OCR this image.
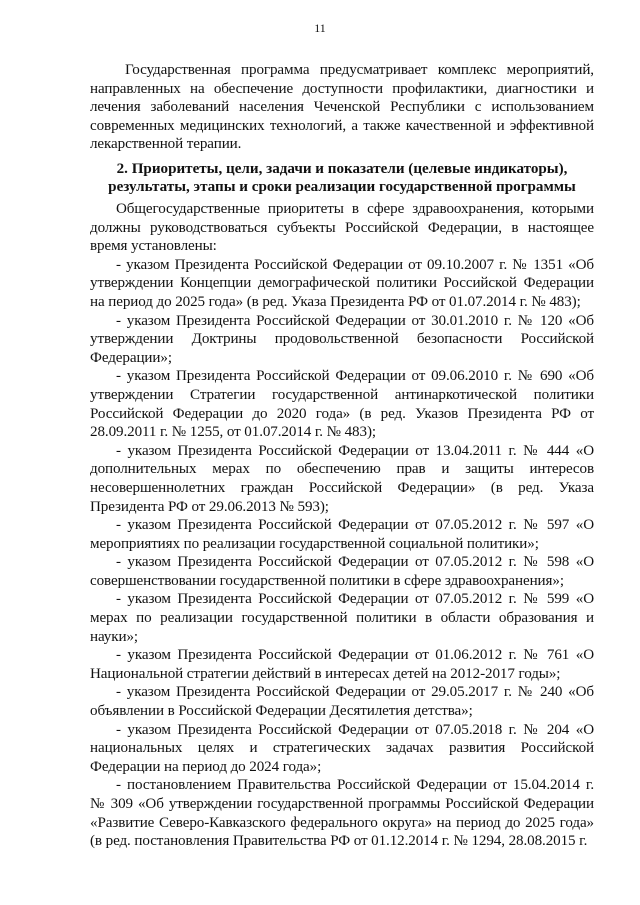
11

Государственная программа предусматривает комплекс мероприятий, направленных на обеспечение доступности профилактики, диагностики и лечения заболеваний населения Чеченской Республики с использованием современных медицинских технологий, а также качественной и эффективной лекарственной терапии.

2. Приоритеты, цели, задачи и показатели (целевые индикаторы),
результаты, этапы и сроки реализации государственной программы

Общегосударственные приоритеты в сфере здравоохранения, которыми должны руководствоваться субъекты Российской Федерации, в настоящее время установлены:

- указом Президента Российской Федерации от 09.10.2007 г. № 1351 «Об утверждении Концепции демографической политики Российской Федерации на период до 2025 года» (в ред. Указа Президента РФ от 01.07.2014 г. № 483);

- указом Президента Российской Федерации от 30.01.2010 г. № 120 «Об утверждении Доктрины продовольственной безопасности Российской Федерации»;

- указом Президента Российской Федерации от 09.06.2010 г. № 690 «Об утверждении Стратегии государственной антинаркотической политики Российской Федерации до 2020 года» (в ред. Указов Президента РФ от 28.09.2011 г. № 1255, от 01.07.2014 г. № 483);

- указом Президента Российской Федерации от 13.04.2011 г. № 444 «О дополнительных мерах по обеспечению прав и защиты интересов несовершеннолетних граждан Российской Федерации» (в ред. Указа Президента РФ от 29.06.2013 № 593);

- указом Президента Российской Федерации от 07.05.2012 г. № 597 «О мероприятиях по реализации государственной социальной политики»;

- указом Президента Российской Федерации от 07.05.2012 г. № 598 «О совершенствовании государственной политики в сфере здравоохранения»;

- указом Президента Российской Федерации от 07.05.2012 г. № 599 «О мерах по реализации государственной политики в области образования и науки»;

- указом Президента Российской Федерации от 01.06.2012 г. № 761 «О Национальной стратегии действий в интересах детей на 2012-2017 годы»;

- указом Президента Российской Федерации от 29.05.2017 г. № 240 «Об объявлении в Российской Федерации Десятилетия детства»;

- указом Президента Российской Федерации от 07.05.2018 г. № 204 «О национальных целях и стратегических задачах развития Российской Федерации на период до 2024 года»;

- постановлением Правительства Российской Федерации от 15.04.2014 г. № 309 «Об утверждении государственной программы Российской Федерации «Развитие Северо-Кавказского федерального округа» на период до 2025 года» (в ред. постановления Правительства РФ от 01.12.2014 г. № 1294, 28.08.2015 г.
